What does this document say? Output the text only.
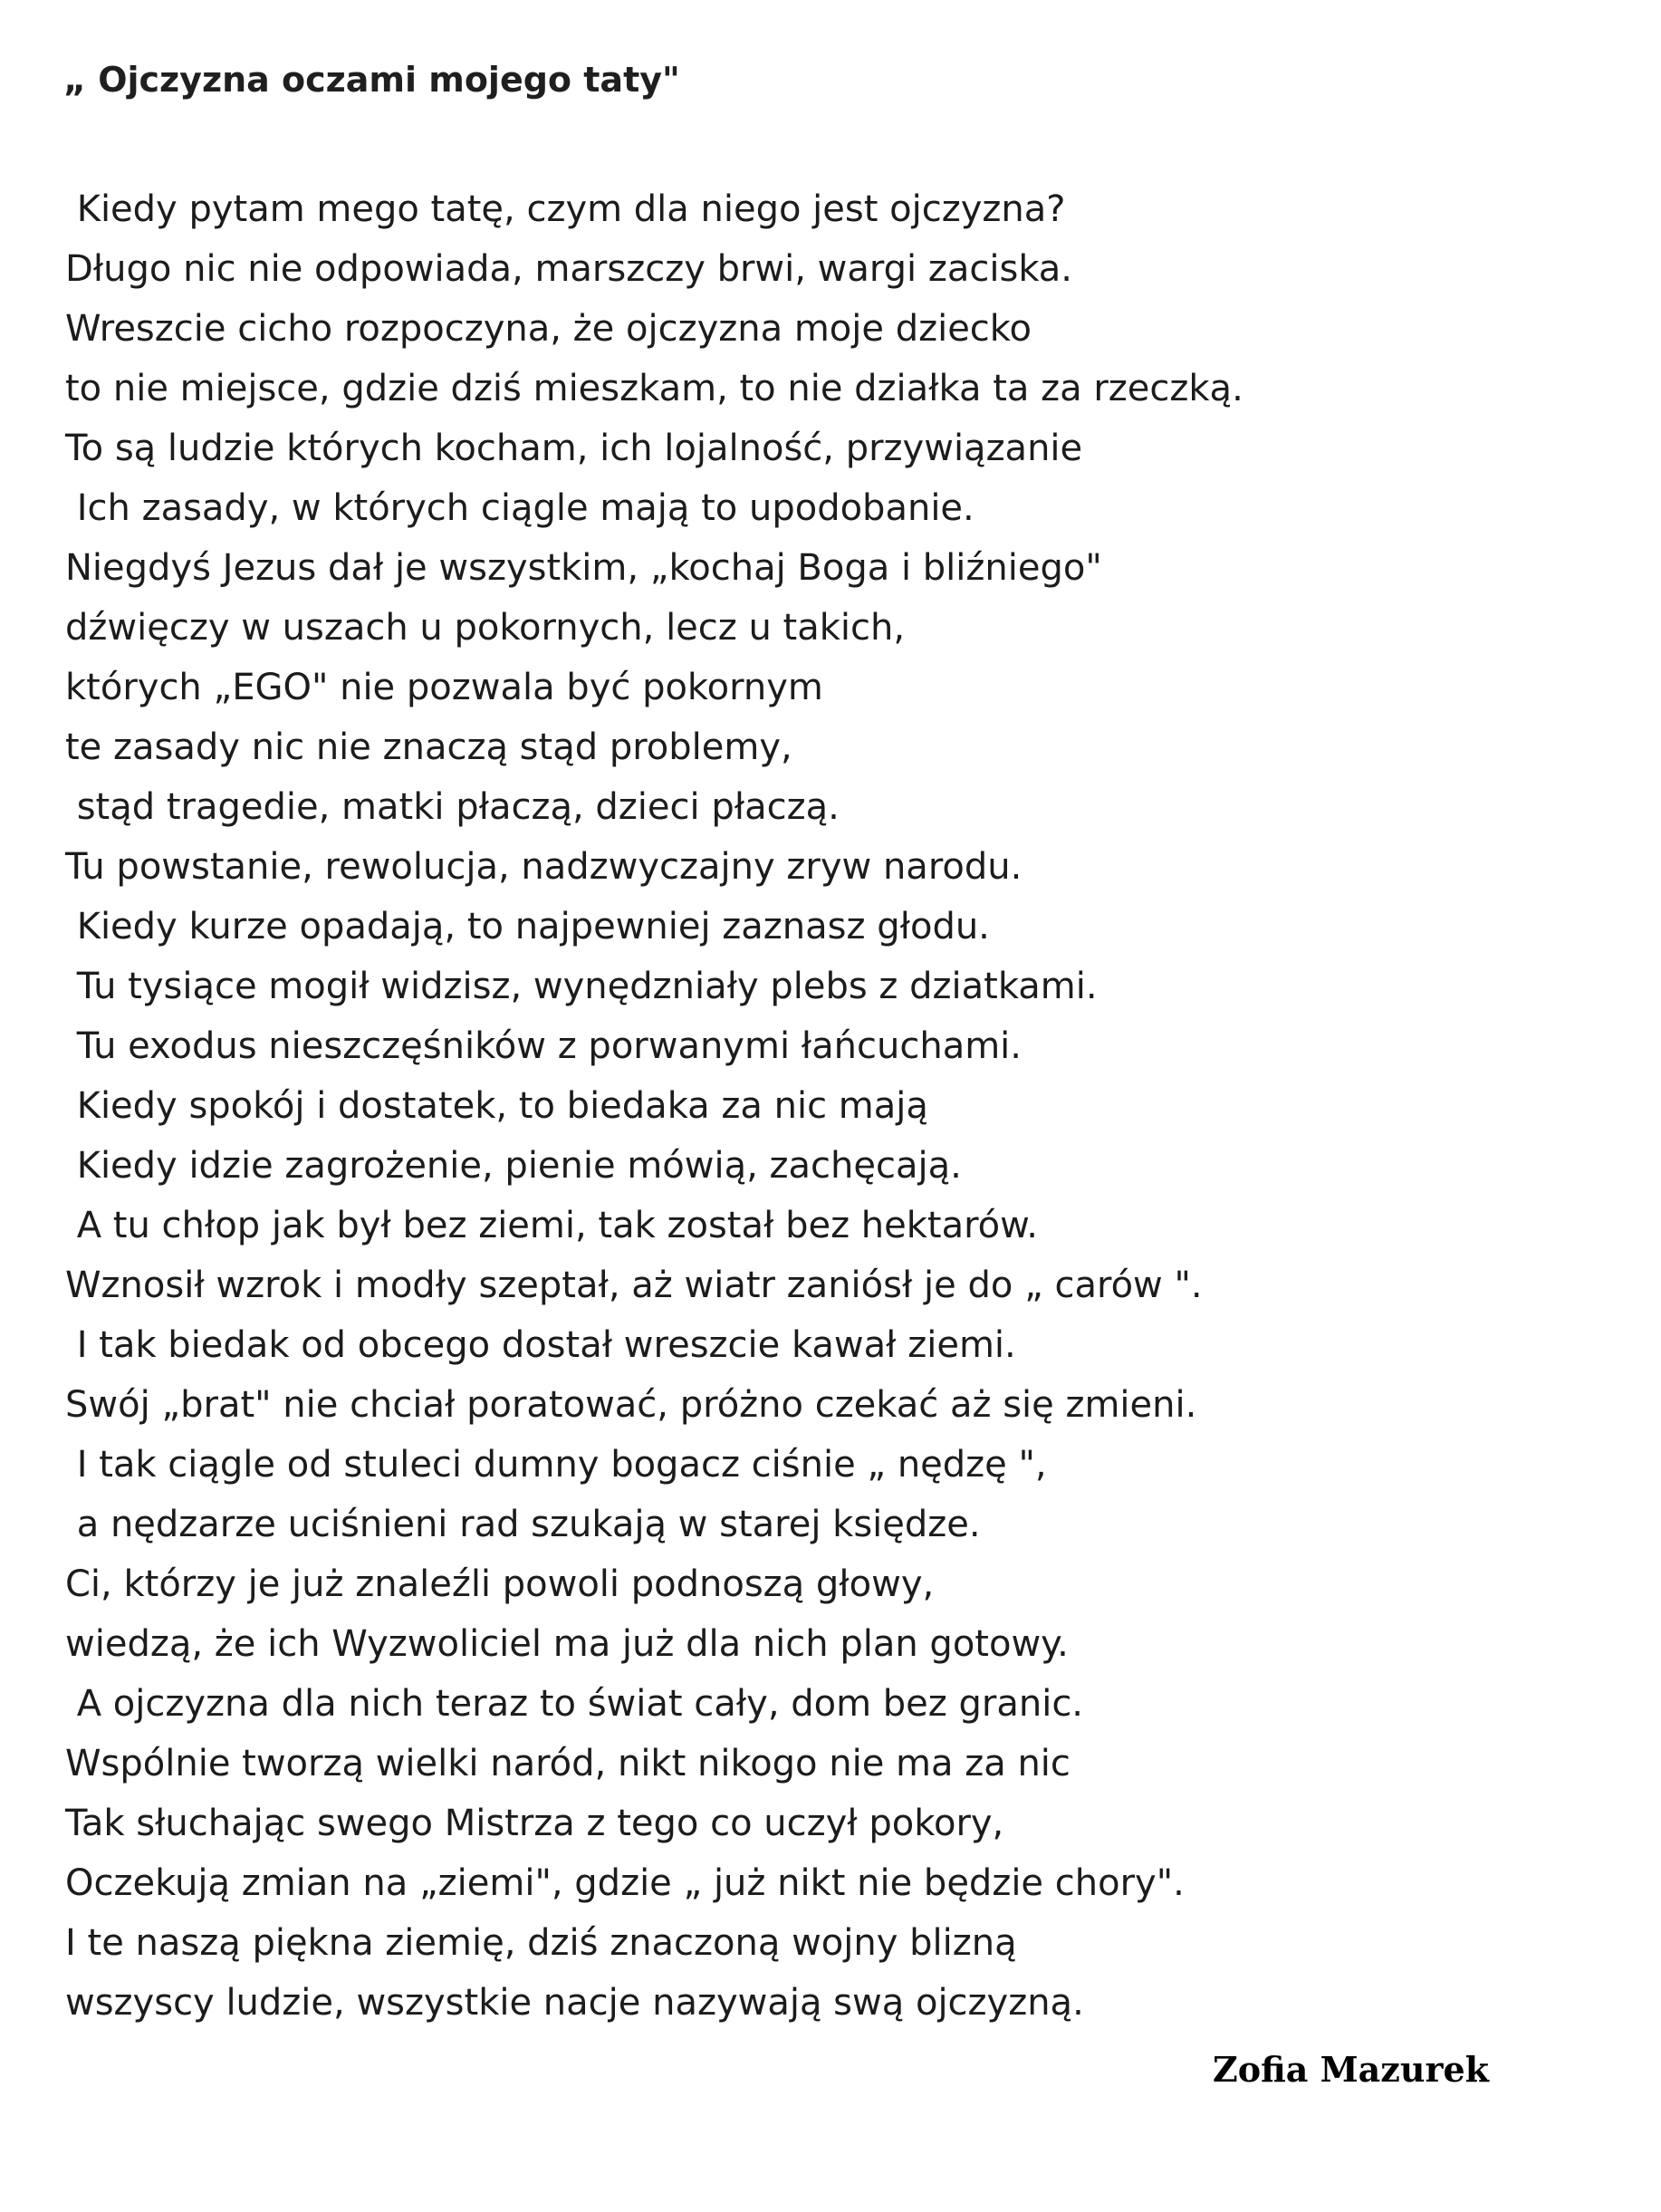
„ Ojczyzna oczami mojego taty"
Kiedy pytam mego tatę, czym dla niego jest ojczyzna?
Długo nic nie odpowiada, marszczy brwi, wargi zaciska.
Wreszcie cicho rozpoczyna, że ojczyzna moje dziecko
to nie miejsce, gdzie dziś mieszkam, to nie działka ta za rzeczką.
To są ludzie których kocham, ich lojalność, przywiązanie
Ich zasady, w których ciągle mają to upodobanie.
Niegdyś Jezus dał je wszystkim, „kochaj Boga i bliźniego"
dźwięczy w uszach u pokornych, lecz u takich,
których „EGO" nie pozwala być pokornym
te zasady nic nie znaczą stąd problemy,
stąd tragedie, matki płaczą, dzieci płaczą.
Tu powstanie, rewolucja, nadzwyczajny zryw narodu.
Kiedy kurze opadają, to najpewniej zaznasz głodu.
Tu tysiące mogił widzisz, wynędzniały plebs z dziatkami.
Tu exodus nieszczęśników z porwanymi łańcuchami.
Kiedy spokój i dostatek, to biedaka za nic mają
Kiedy idzie zagrożenie, pienie mówią, zachęcają.
A tu chłop jak był bez ziemi, tak został bez hektarów.
Wznosił wzrok i modły szeptał, aż wiatr zaniósł je do „ carów ".
I tak biedak od obcego dostał wreszcie kawał ziemi.
Swój „brat" nie chciał poratować, próżno czekać aż się zmieni.
I tak ciągle od stuleci dumny bogacz ciśnie „ nędzę ",
a nędzarze uciśnieni rad szukają w starej księdze.
Ci, którzy je już znaleźli powoli podnoszą głowy,
wiedzą, że ich Wyzwoliciel ma już dla nich plan gotowy.
A ojczyzna dla nich teraz to świat cały, dom bez granic.
Wspólnie tworzą wielki naród, nikt nikogo nie ma za nic
Tak słuchając swego Mistrza z tego co uczył pokory,
Oczekują zmian na „ziemi", gdzie „ już nikt nie będzie chory".
I te naszą piękna ziemię, dziś znaczoną wojny blizną
wszyscy ludzie, wszystkie nacje nazywają swą ojczyzną.

Zofia Mazurek
